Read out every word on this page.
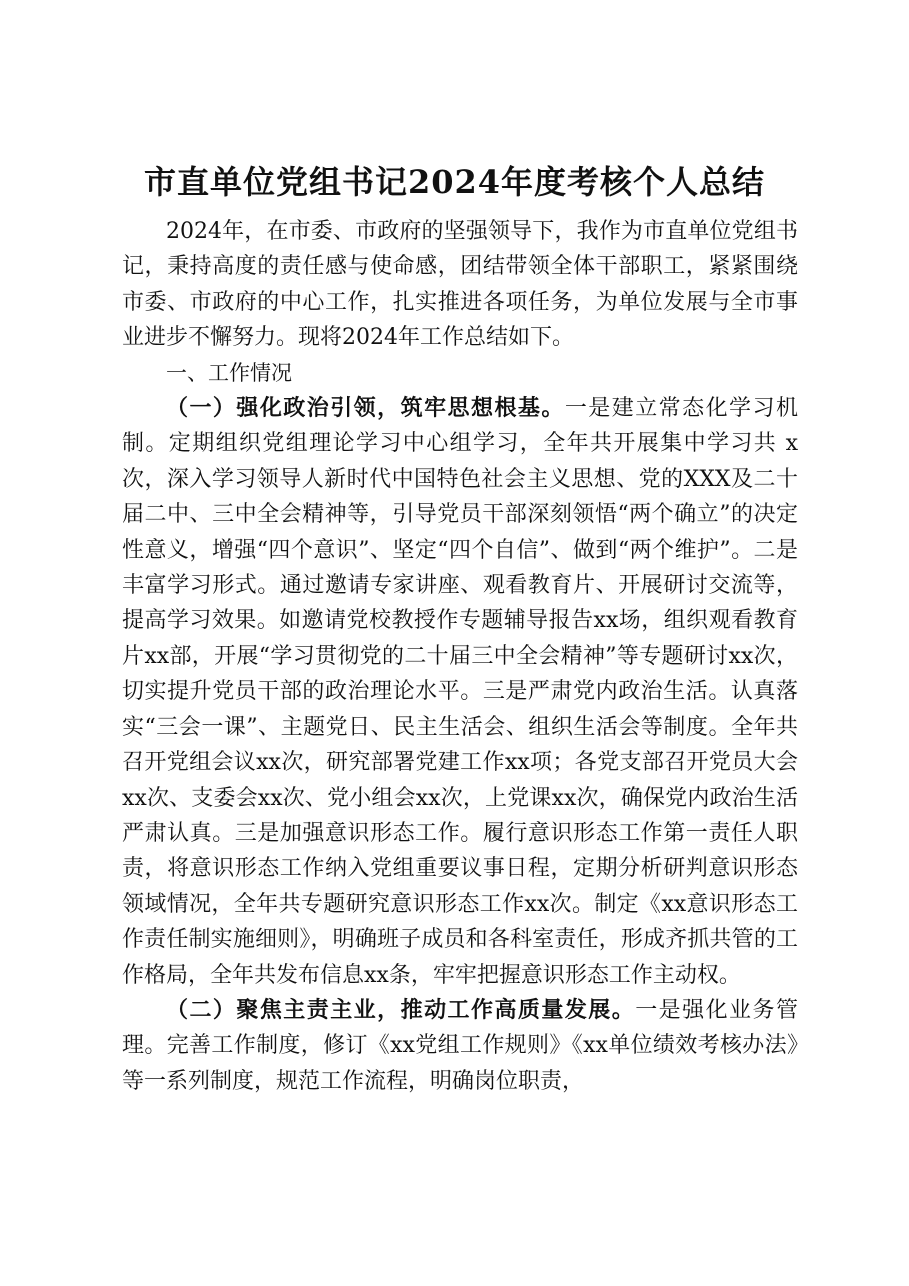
市直单位党组书记2024年度考核个人总结

2024年，在市委、市政府的坚强领导下，我作为市直单位党组书记，秉持高度的责任感与使命感，团结带领全体干部职工，紧紧围绕市委、市政府的中心工作，扎实推进各项任务，为单位发展与全市事业进步不懈努力。现将2024年工作总结如下。

一、工作情况

（一）强化政治引领，筑牢思想根基。一是建立常态化学习机制。定期组织党组理论学习中心组学习，全年共开展集中学习共 x次，深入学习领导人新时代中国特色社会主义思想、党的XXX及二十届二中、三中全会精神等，引导党员干部深刻领悟“两个确立”的决定性意义，增强“四个意识”、坚定“四个自信”、做到“两个维护”。二是丰富学习形式。通过邀请专家讲座、观看教育片、开展研讨交流等，提高学习效果。如邀请党校教授作专题辅导报告xx场，组织观看教育片xx部，开展“学习贯彻党的二十届三中全会精神”等专题研讨xx次，切实提升党员干部的政治理论水平。三是严肃党内政治生活。认真落实“三会一课”、主题党日、民主生活会、组织生活会等制度。全年共召开党组会议xx次，研究部署党建工作xx项；各党支部召开党员大会xx次、支委会xx次、党小组会xx次，上党课xx次，确保党内政治生活严肃认真。三是加强意识形态工作。履行意识形态工作第一责任人职责，将意识形态工作纳入党组重要议事日程，定期分析研判意识形态领域情况，全年共专题研究意识形态工作xx次。制定《xx意识形态工作责任制实施细则》，明确班子成员和各科室责任，形成齐抓共管的工作格局，全年共发布信息xx条，牢牢把握意识形态工作主动权。

（二）聚焦主责主业，推动工作高质量发展。一是强化业务管理。完善工作制度，修订《xx党组工作规则》《xx单位绩效考核办法》等一系列制度，规范工作流程，明确岗位职责，
